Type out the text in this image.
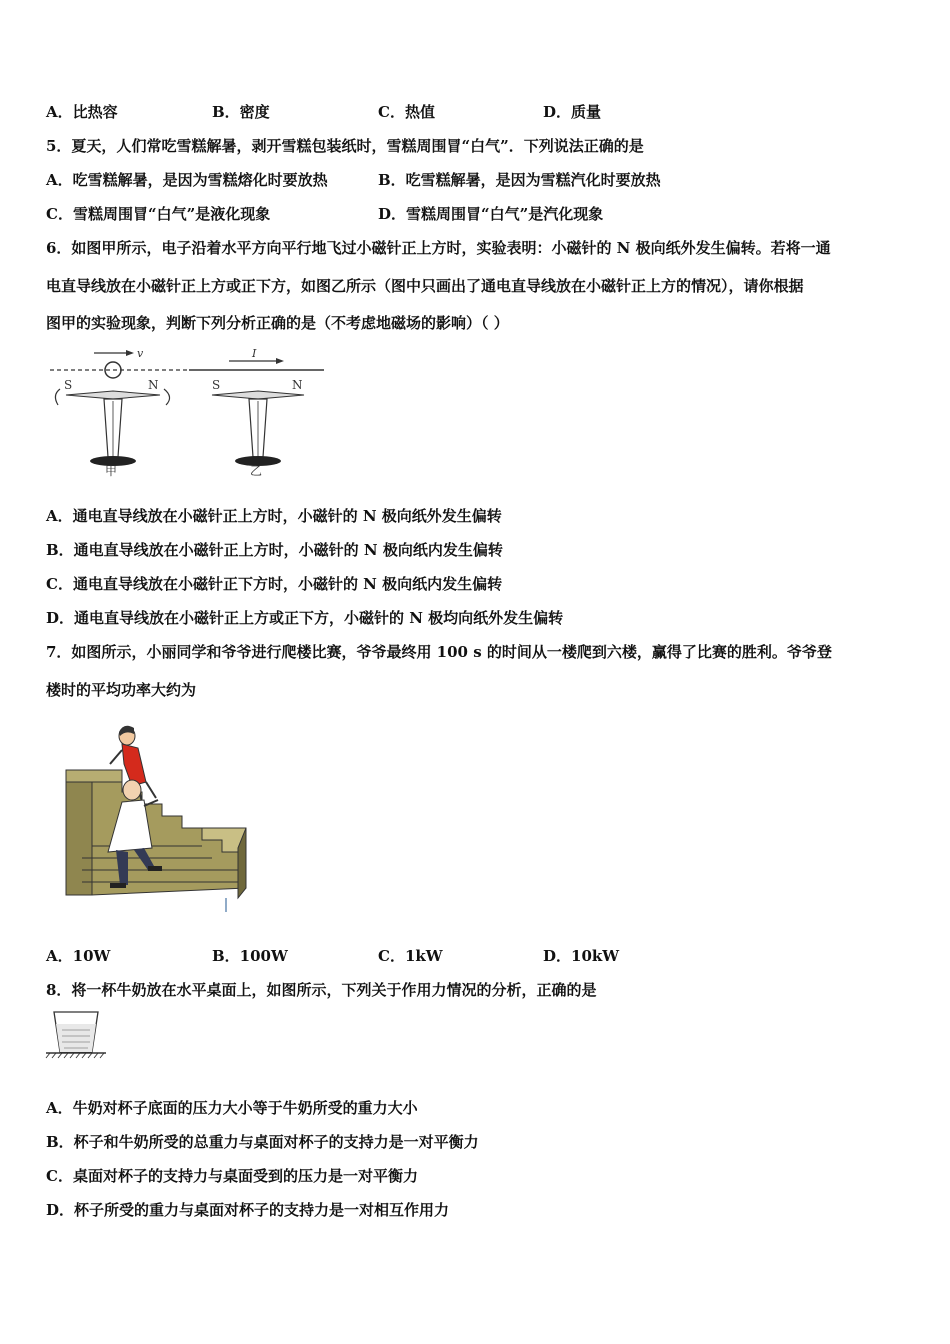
A．比热容	B．密度	C．热值	D．质量
5．夏天，人们常吃雪糕解暑，剥开雪糕包装纸时，雪糕周围冒“白气”．下列说法正确的是
A．吃雪糕解暑，是因为雪糕熔化时要放热	B．吃雪糕解暑，是因为雪糕汽化时要放热
C．雪糕周围冒“白气”是液化现象	D．雪糕周围冒“白气”是汽化现象
6．如图甲所示，电子沿着水平方向平行地飞过小磁针正上方时，实验表明：小磁针的 N 极向纸外发生偏转。若将一通
电直导线放在小磁针正上方或正下方，如图乙所示（图中只画出了通电直导线放在小磁针正上方的情况），请你根据
图甲的实验现象，判断下列分析正确的是（不考虑地磁场的影响）（ ）
v
S	N
甲
I
S	N
乙
A．通电直导线放在小磁针正上方时，小磁针的 N 极向纸外发生偏转
B．通电直导线放在小磁针正上方时，小磁针的 N 极向纸内发生偏转
C．通电直导线放在小磁针正下方时，小磁针的 N 极向纸内发生偏转
D．通电直导线放在小磁针正上方或正下方，小磁针的 N 极均向纸外发生偏转
7．如图所示，小丽同学和爷爷进行爬楼比赛，爷爷最终用 100 s 的时间从一楼爬到六楼，赢得了比赛的胜利。爷爷登
楼时的平均功率大约为
A．10W	B．100W	C．1kW	D．10kW
8．将一杯牛奶放在水平桌面上，如图所示，下列关于作用力情况的分析，正确的是
A．牛奶对杯子底面的压力大小等于牛奶所受的重力大小
B．杯子和牛奶所受的总重力与桌面对杯子的支持力是一对平衡力
C．桌面对杯子的支持力与桌面受到的压力是一对平衡力
D．杯子所受的重力与桌面对杯子的支持力是一对相互作用力
